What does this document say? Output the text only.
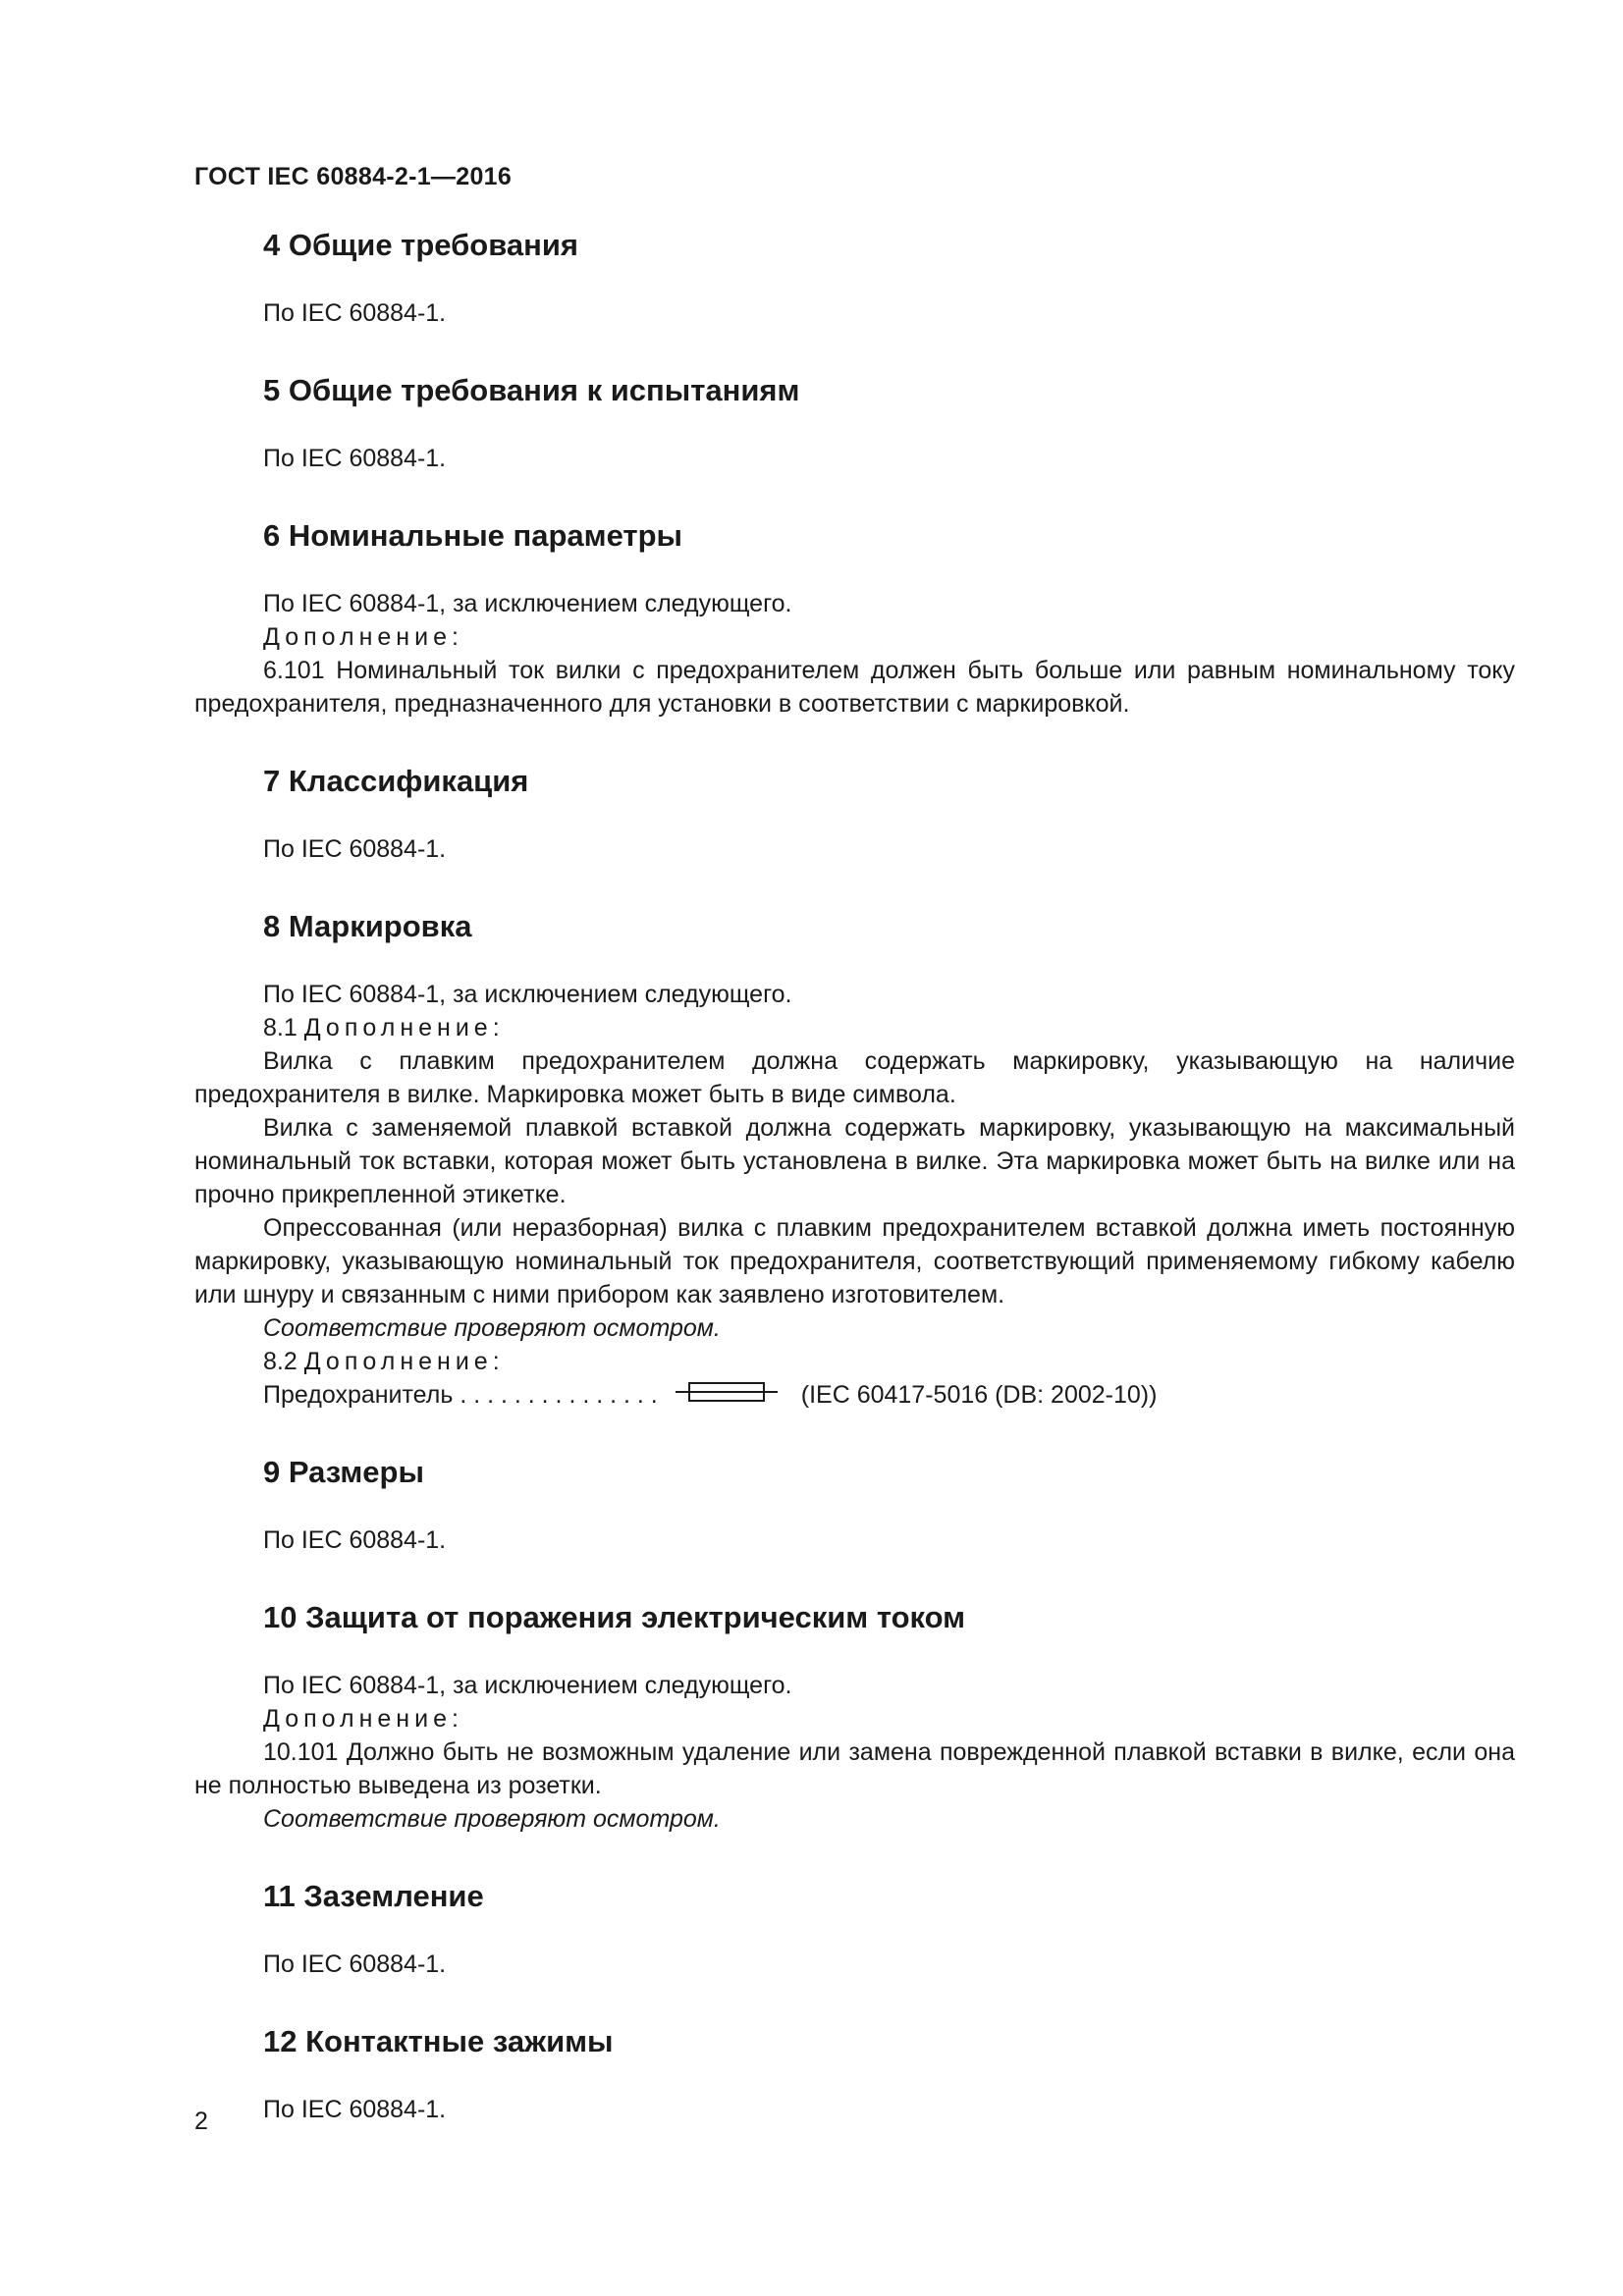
ГОСТ IEC 60884-2-1—2016
4 Общие требования

По IEC 60884-1.

5 Общие требования к испытаниям

По IEC 60884-1.

6 Номинальные параметры

По IEC 60884-1, за исключением следующего.

Дополнение:

6.101 Номинальный ток вилки с предохранителем должен быть больше или равным номинальному току предохранителя, предназначенного для установки в соответствии с маркировкой.

7 Классификация

По IEC 60884-1.

8 Маркировка

По IEC 60884-1, за исключением следующего.

8.1 Дополнение:

Вилка с плавким предохранителем должна содержать маркировку, указывающую на наличие предохранителя в вилке. Маркировка может быть в виде символа.

Вилка с заменяемой плавкой вставкой должна содержать маркировку, указывающую на максимальный номинальный ток вставки, которая может быть установлена в вилке. Эта маркировка может быть на вилке или на прочно прикрепленной этикетке.

Опрессованная (или неразборная) вилка с плавким предохранителем вставкой должна иметь постоянную маркировку, указывающую номинальный ток предохранителя, соответствующий применяемому гибкому кабелю или шнуру и связанным с ними прибором как заявлено изготовителем.

Соответствие проверяют осмотром.

8.2 Дополнение:

Предохранитель . . . . . . . . . . . . . . .	(IEC 60417-5016 (DB: 2002-10))
9 Размеры

По IEC 60884-1.

10 Защита от поражения электрическим током

По IEC 60884-1, за исключением следующего.

Дополнение:

10.101 Должно быть не возможным удаление или замена поврежденной плавкой вставки в вилке, если она не полностью выведена из розетки.

Соответствие проверяют осмотром.

11 Заземление

По IEC 60884-1.

12 Контактные зажимы

По IEC 60884-1.

2
